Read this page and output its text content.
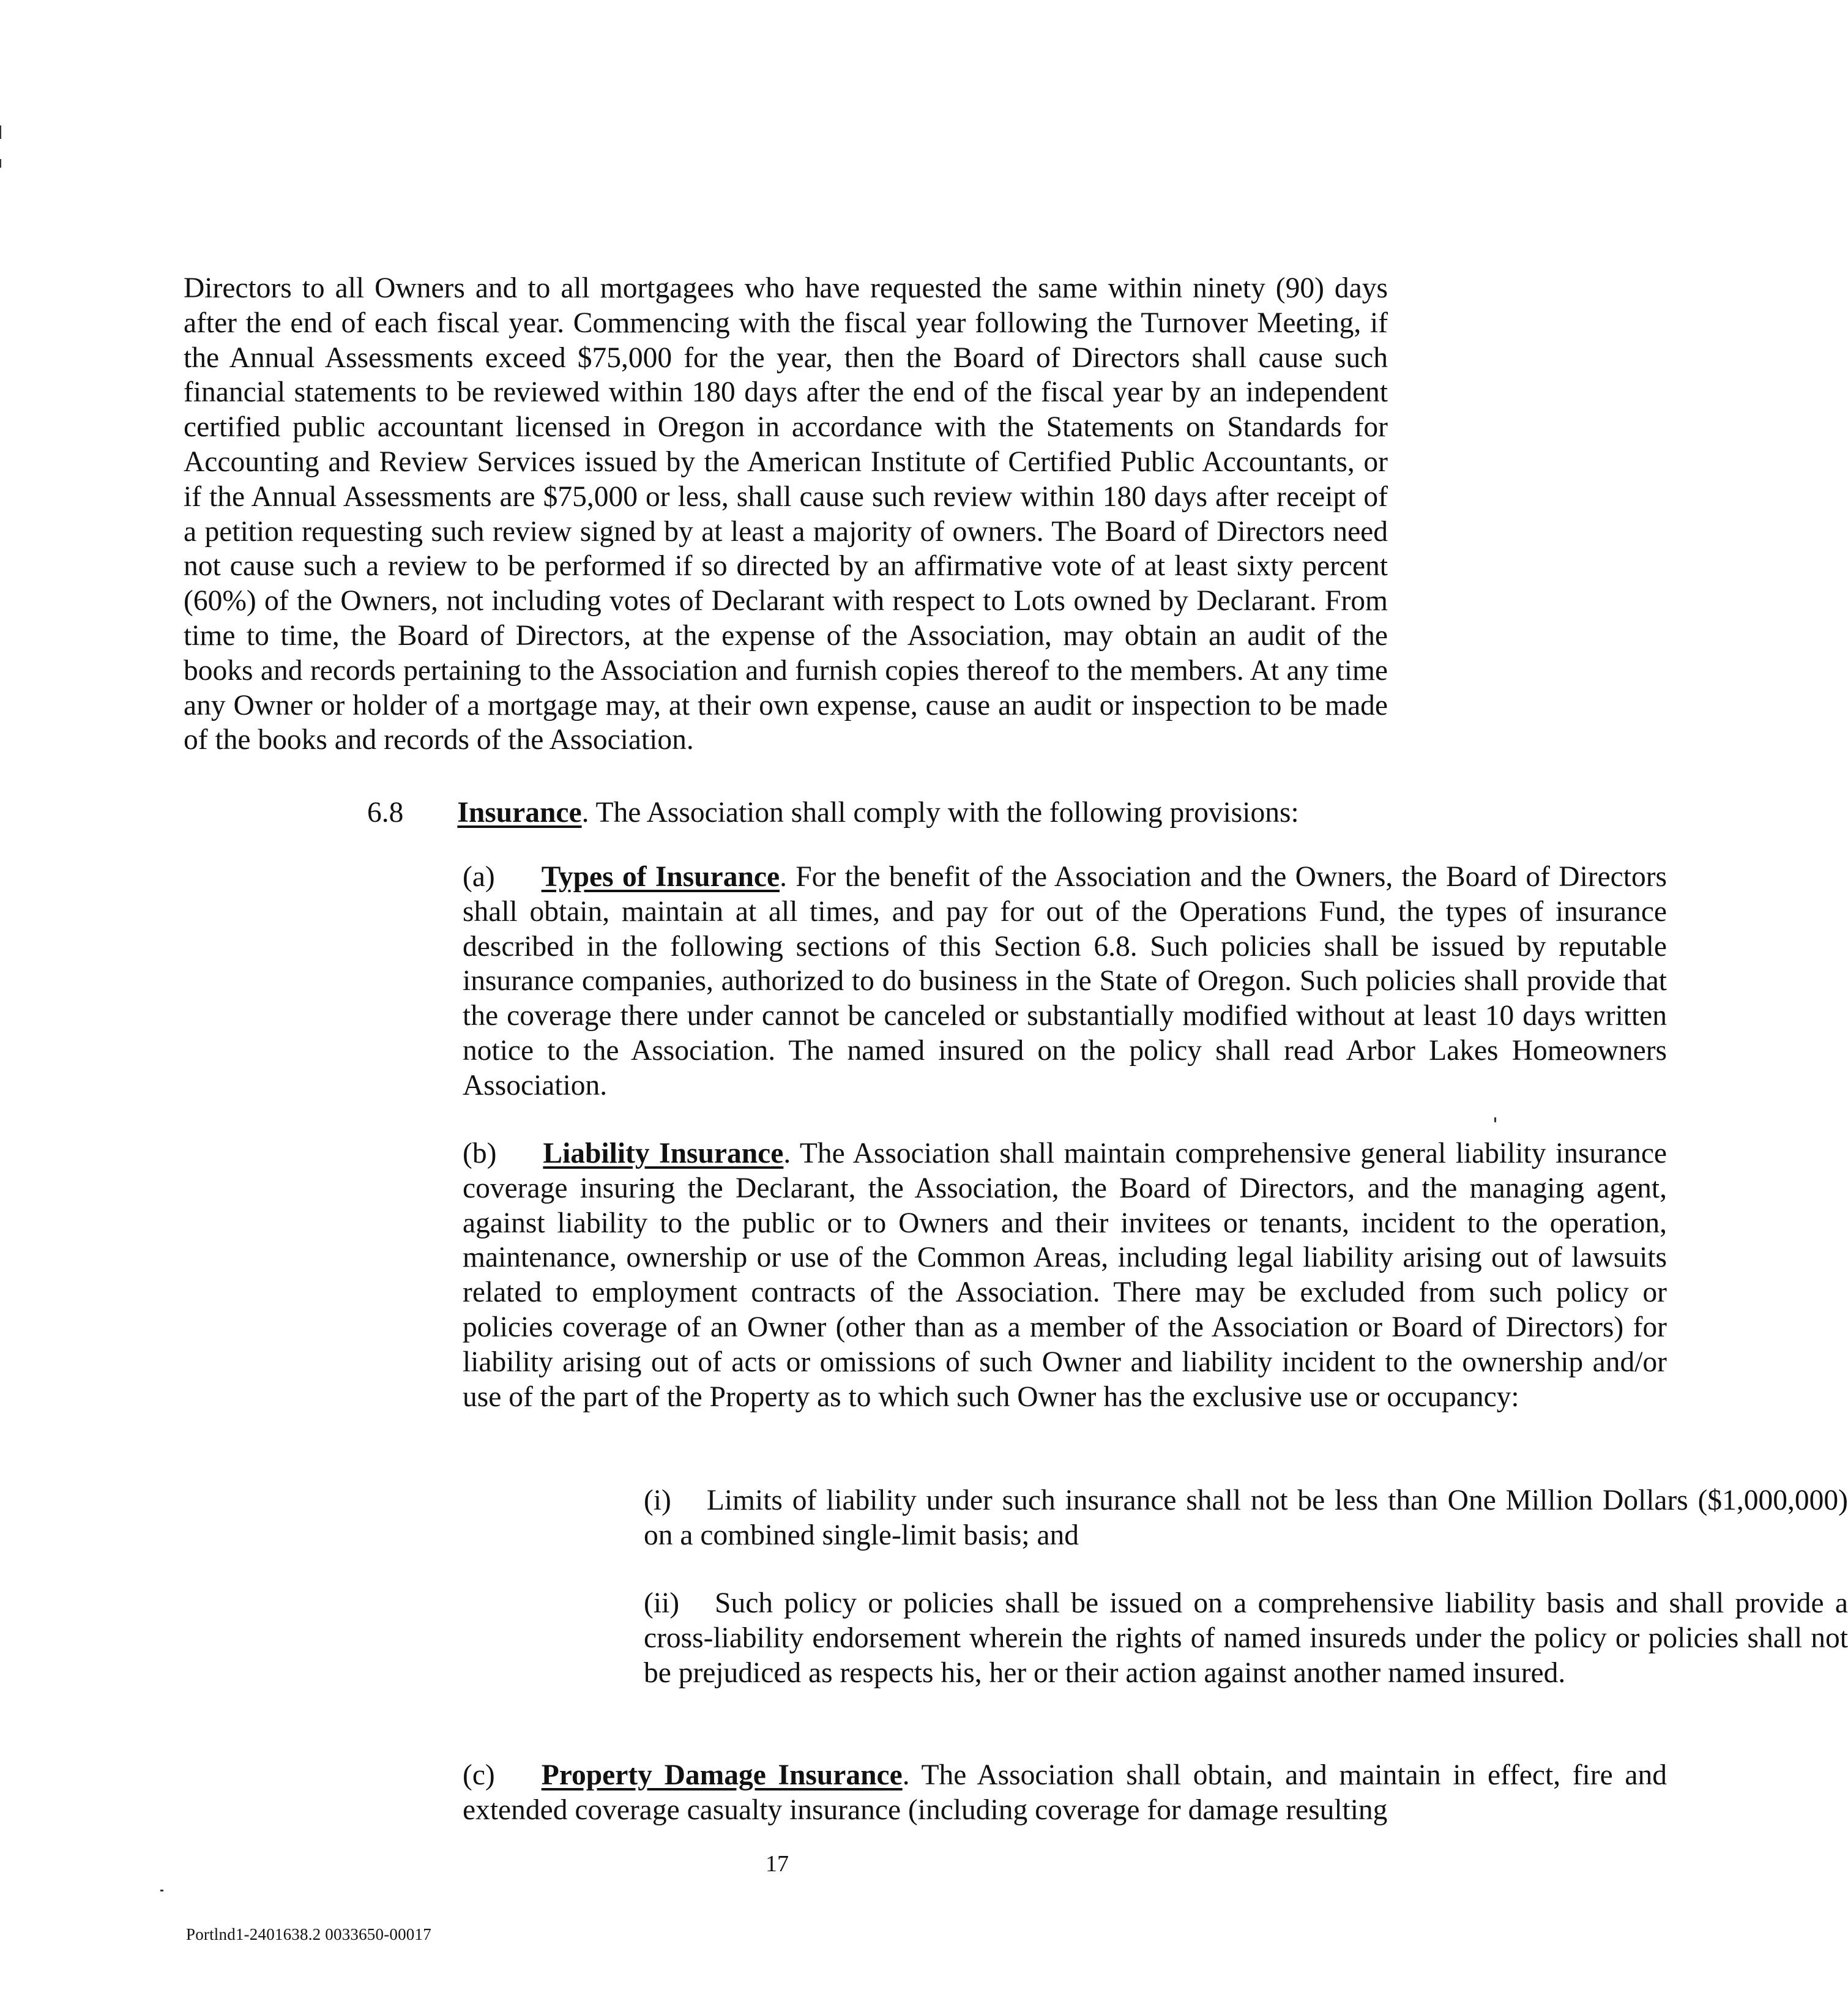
Directors to all Owners and to all mortgagees who have requested the same within ninety (90) days after the end of each fiscal year. Commencing with the fiscal year following the Turnover Meeting, if the Annual Assessments exceed $75,000 for the year, then the Board of Directors shall cause such financial statements to be reviewed within 180 days after the end of the fiscal year by an independent certified public accountant licensed in Oregon in accordance with the Statements on Standards for Accounting and Review Services issued by the American Institute of Certified Public Accountants, or if the Annual Assessments are $75,000 or less, shall cause such review within 180 days after receipt of a petition requesting such review signed by at least a majority of owners. The Board of Directors need not cause such a review to be performed if so directed by an affirmative vote of at least sixty percent (60%) of the Owners, not including votes of Declarant with respect to Lots owned by Declarant. From time to time, the Board of Directors, at the expense of the Association, may obtain an audit of the books and records pertaining to the Association and furnish copies thereof to the members. At any time any Owner or holder of a mortgage may, at their own expense, cause an audit or inspection to be made of the books and records of the Association.

6.8 Insurance. The Association shall comply with the following provisions:

(a) Types of Insurance. For the benefit of the Association and the Owners, the Board of Directors shall obtain, maintain at all times, and pay for out of the Operations Fund, the types of insurance described in the following sections of this Section 6.8. Such policies shall be issued by reputable insurance companies, authorized to do business in the State of Oregon. Such policies shall provide that the coverage there under cannot be canceled or substantially modified without at least 10 days written notice to the Association. The named insured on the policy shall read Arbor Lakes Homeowners Association.

(b) Liability Insurance. The Association shall maintain comprehensive general liability insurance coverage insuring the Declarant, the Association, the Board of Directors, and the managing agent, against liability to the public or to Owners and their invitees or tenants, incident to the operation, maintenance, ownership or use of the Common Areas, including legal liability arising out of lawsuits related to employment contracts of the Association. There may be excluded from such policy or policies coverage of an Owner (other than as a member of the Association or Board of Directors) for liability arising out of acts or omissions of such Owner and liability incident to the ownership and/or use of the part of the Property as to which such Owner has the exclusive use or occupancy:

(i) Limits of liability under such insurance shall not be less than One Million Dollars ($1,000,000) on a combined single-limit basis; and

(ii) Such policy or policies shall be issued on a comprehensive liability basis and shall provide a cross-liability endorsement wherein the rights of named insureds under the policy or policies shall not be prejudiced as respects his, her or their action against another named insured.

(c) Property Damage Insurance. The Association shall obtain, and maintain in effect, fire and extended coverage casualty insurance (including coverage for damage resulting

17
Portlnd1-2401638.2 0033650-00017
